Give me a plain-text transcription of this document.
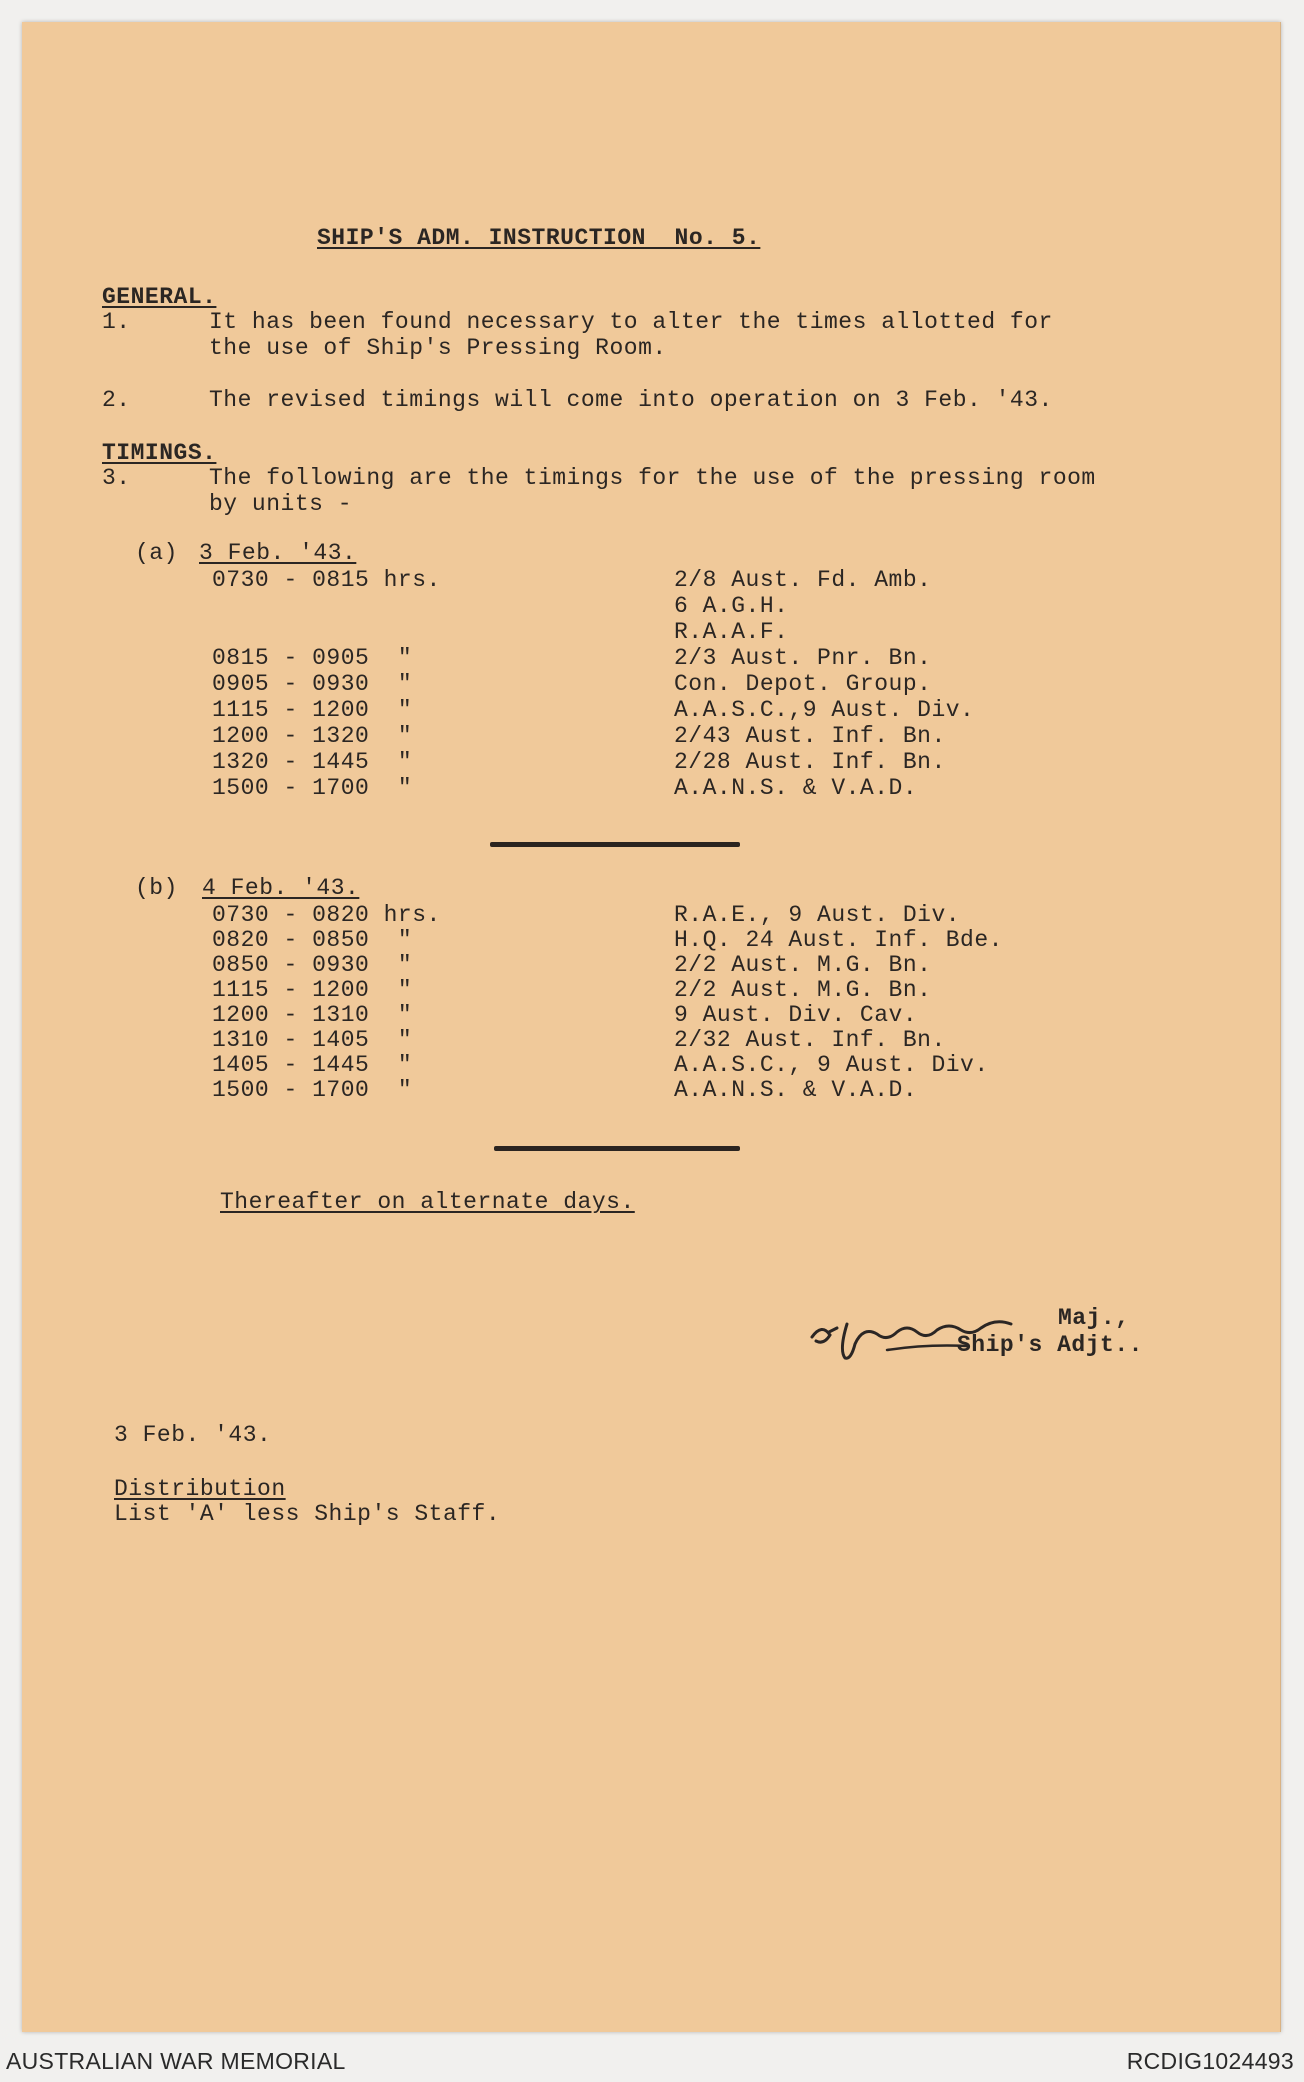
SHIP'S ADM. INSTRUCTION  No. 5.
GENERAL.
1.	It has been found necessary to alter the times allotted for
the use of Ship's Pressing Room.
2.	The revised timings will come into operation on 3 Feb. '43.
TIMINGS.
3.	The following are the timings for the use of the pressing room
by units -
(a) 3 Feb. '43.
0730 - 0815 hrs.	2/8 Aust. Fd. Amb.
6 A.G.H.
R.A.A.F.
0815 - 0905  "	2/3 Aust. Pnr. Bn.
0905 - 0930  "	Con. Depot. Group.
1115 - 1200  "	A.A.S.C.,9 Aust. Div.
1200 - 1320  "	2/43 Aust. Inf. Bn.
1320 - 1445  "	2/28 Aust. Inf. Bn.
1500 - 1700  "	A.A.N.S. & V.A.D.
(b) 4 Feb. '43.
0730 - 0820 hrs.	R.A.E., 9 Aust. Div.
0820 - 0850  "	H.Q. 24 Aust. Inf. Bde.
0850 - 0930  "	2/2 Aust. M.G. Bn.
1115 - 1200  "	2/2 Aust. M.G. Bn.
1200 - 1310  "	9 Aust. Div. Cav.
1310 - 1405  "	2/32 Aust. Inf. Bn.
1405 - 1445  "	A.A.S.C., 9 Aust. Div.
1500 - 1700  "	A.A.N.S. & V.A.D.
Thereafter on alternate days.
Maj.,
Ship's Adjt..
3 Feb. '43.
Distribution
List 'A' less Ship's Staff.
AUSTRALIAN WAR MEMORIAL	RCDIG1024493
